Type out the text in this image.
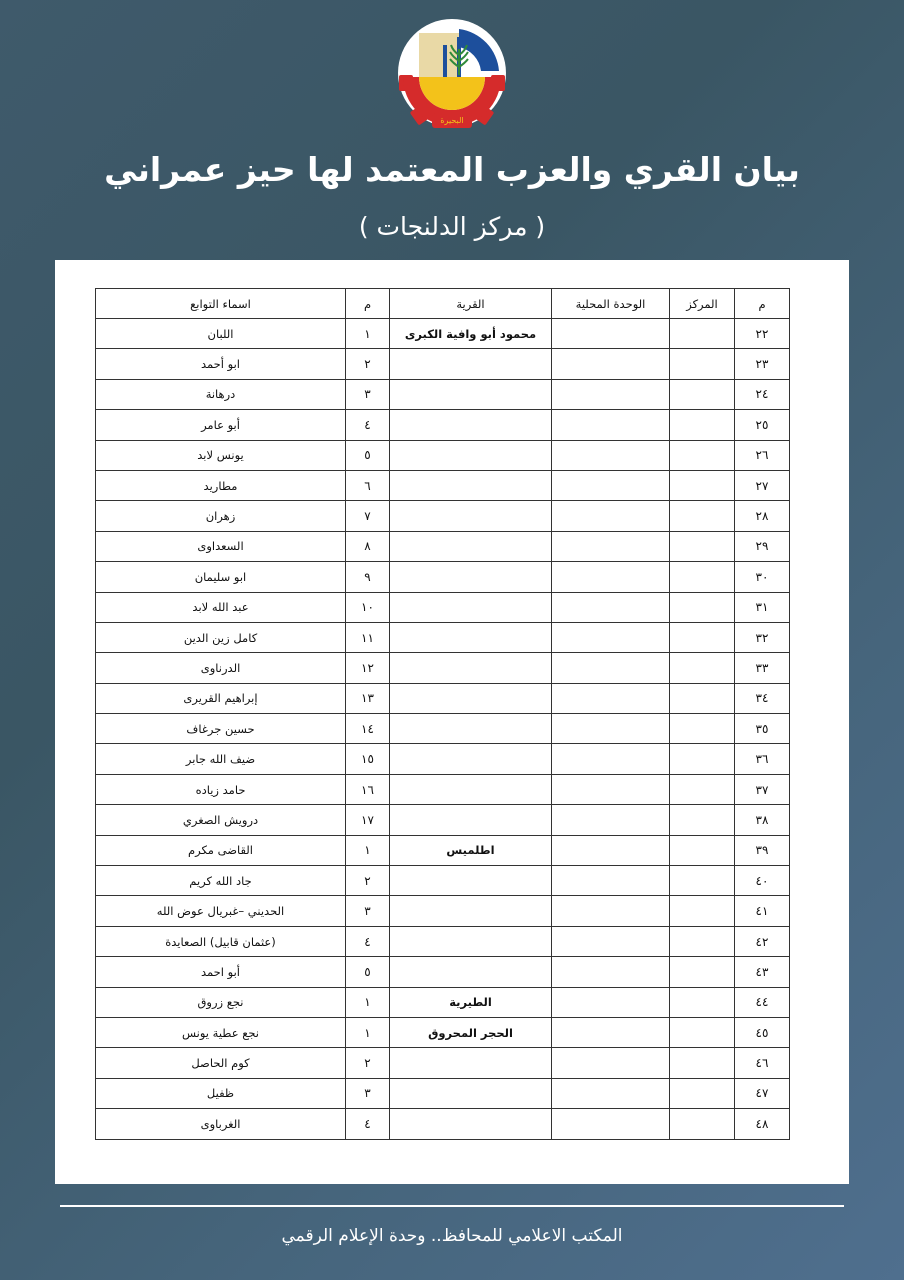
البحيرة
بيان القري والعزب المعتمد لها حيز عمراني
( مركز الدلنجات )
م	المركز	الوحدة المحلية	القرية	م	اسماء التوابع
٢٢			محمود أبو وافية الكبرى	١	اللبان
٢٣				٢	ابو أحمد
٢٤				٣	درهانة
٢٥				٤	أبو عامر
٢٦				٥	يونس لابد
٢٧				٦	مطاريد
٢٨				٧	زهران
٢٩				٨	السعداوى
٣٠				٩	ابو سليمان
٣١				١٠	عبد الله لابد
٣٢				١١	كامل زين الدين
٣٣				١٢	الدرناوى
٣٤				١٣	إبراهيم القريرى
٣٥				١٤	حسين جرغاف
٣٦				١٥	ضيف الله جابر
٣٧				١٦	حامد زياده
٣٨				١٧	درويش الصغري
٣٩			اطلميس	١	القاضى مكرم
٤٠				٢	جاد الله كريم
٤١				٣	الحديني –غبريال عوض الله
٤٢				٤	(عثمان قابيل) الصعايدة
٤٣				٥	أبو احمد
٤٤			الطيرية	١	نجع زروق
٤٥			الحجر المحروق	١	نجع عطية يونس
٤٦				٢	كوم الحاصل
٤٧				٣	ظفيل
٤٨				٤	الغرباوى
المكتب الاعلامي للمحافظ.. وحدة الإعلام الرقمي
